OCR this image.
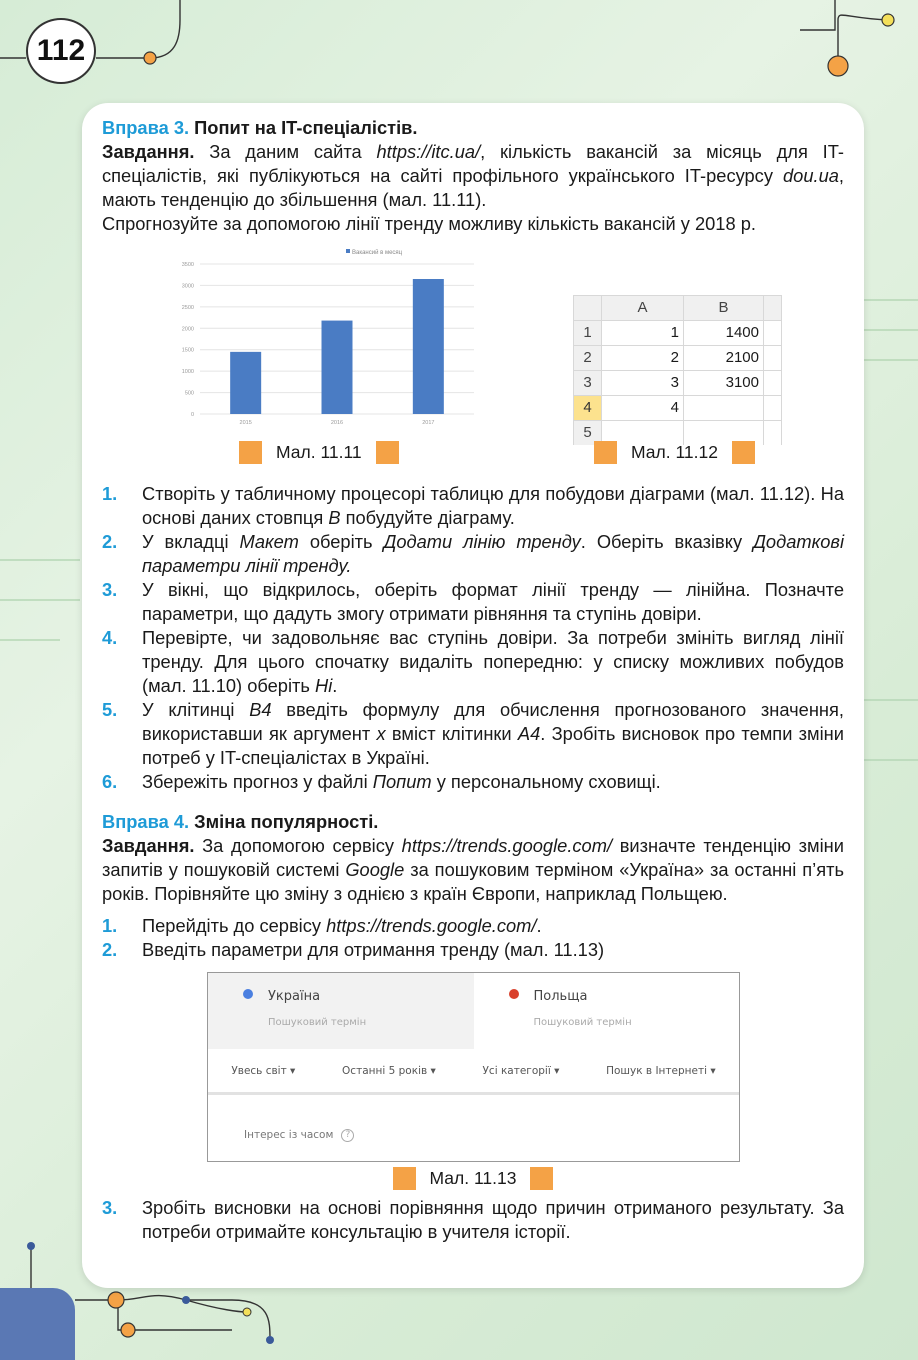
112
Вправа 3. Попит на IT-спеціалістів.
Завдання. За даним сайта https://itc.ua/, кількість вакансій за місяць для IT-спеціалістів, які публікуються на сайті профільного українського IT-ресурсу dou.ua, мають тенденцію до збільшення (мал. 11.11).
Спрогнозуйте за допомогою лінії тренду можливу кількість вакансій у 2018 р.
Вакансий в месяц
0
500
1000
1500
2000
2500
3000
3500
2015	2016	2017
	A	B	
1	1	1400	
2	2	2100	
3	3	3100	
4	4		
5			
Мал. 11.11	Мал. 11.12
1. Створіть у табличному процесорі таблицю для побудови діаграми (мал. 11.12). На основі даних стовпця B побудуйте діаграму.
2. У вкладці Макет оберіть Додати лінію тренду. Оберіть вказівку Додаткові параметри лінії тренду.
3. У вікні, що відкрилось, оберіть формат лінії тренду — лінійна. Позначте параметри, що дадуть змогу отримати рівняння та ступінь довіри.
4. Перевірте, чи задовольняє вас ступінь довіри. За потреби змініть вигляд лінії тренду. Для цього спочатку видаліть попередню: у списку можливих побудов (мал. 11.10) оберіть Ні.
5. У клітинці B4 введіть формулу для обчислення прогнозованого значення, використавши як аргумент x вміст клітинки A4. Зробіть висновок про темпи зміни потреб у IT-спеціалістах в Україні.
6. Збережіть прогноз у файлі Попит у персональному сховищі.
Вправа 4. Зміна популярності.
Завдання. За допомогою сервісу https://trends.google.com/ визначте тенденцію зміни запитів у пошуковій системі Google за пошуковим терміном «Україна» за останні п’ять років. Порівняйте цю зміну з однією з країн Європи, наприклад Польщею.
1. Перейдіть до сервісу https://trends.google.com/.
2. Введіть параметри для отримання тренду (мал. 11.13)
Україна
Пошуковий термін
Польща
Пошуковий термін
Увесь світ ▾	Останні 5 років ▾	Усі категорії ▾	Пошук в Інтернеті ▾
Інтерес із часом	?
Мал. 11.13
3. Зробіть висновки на основі порівняння щодо причин отриманого результату. За потреби отримайте консультацію в учителя історії.
